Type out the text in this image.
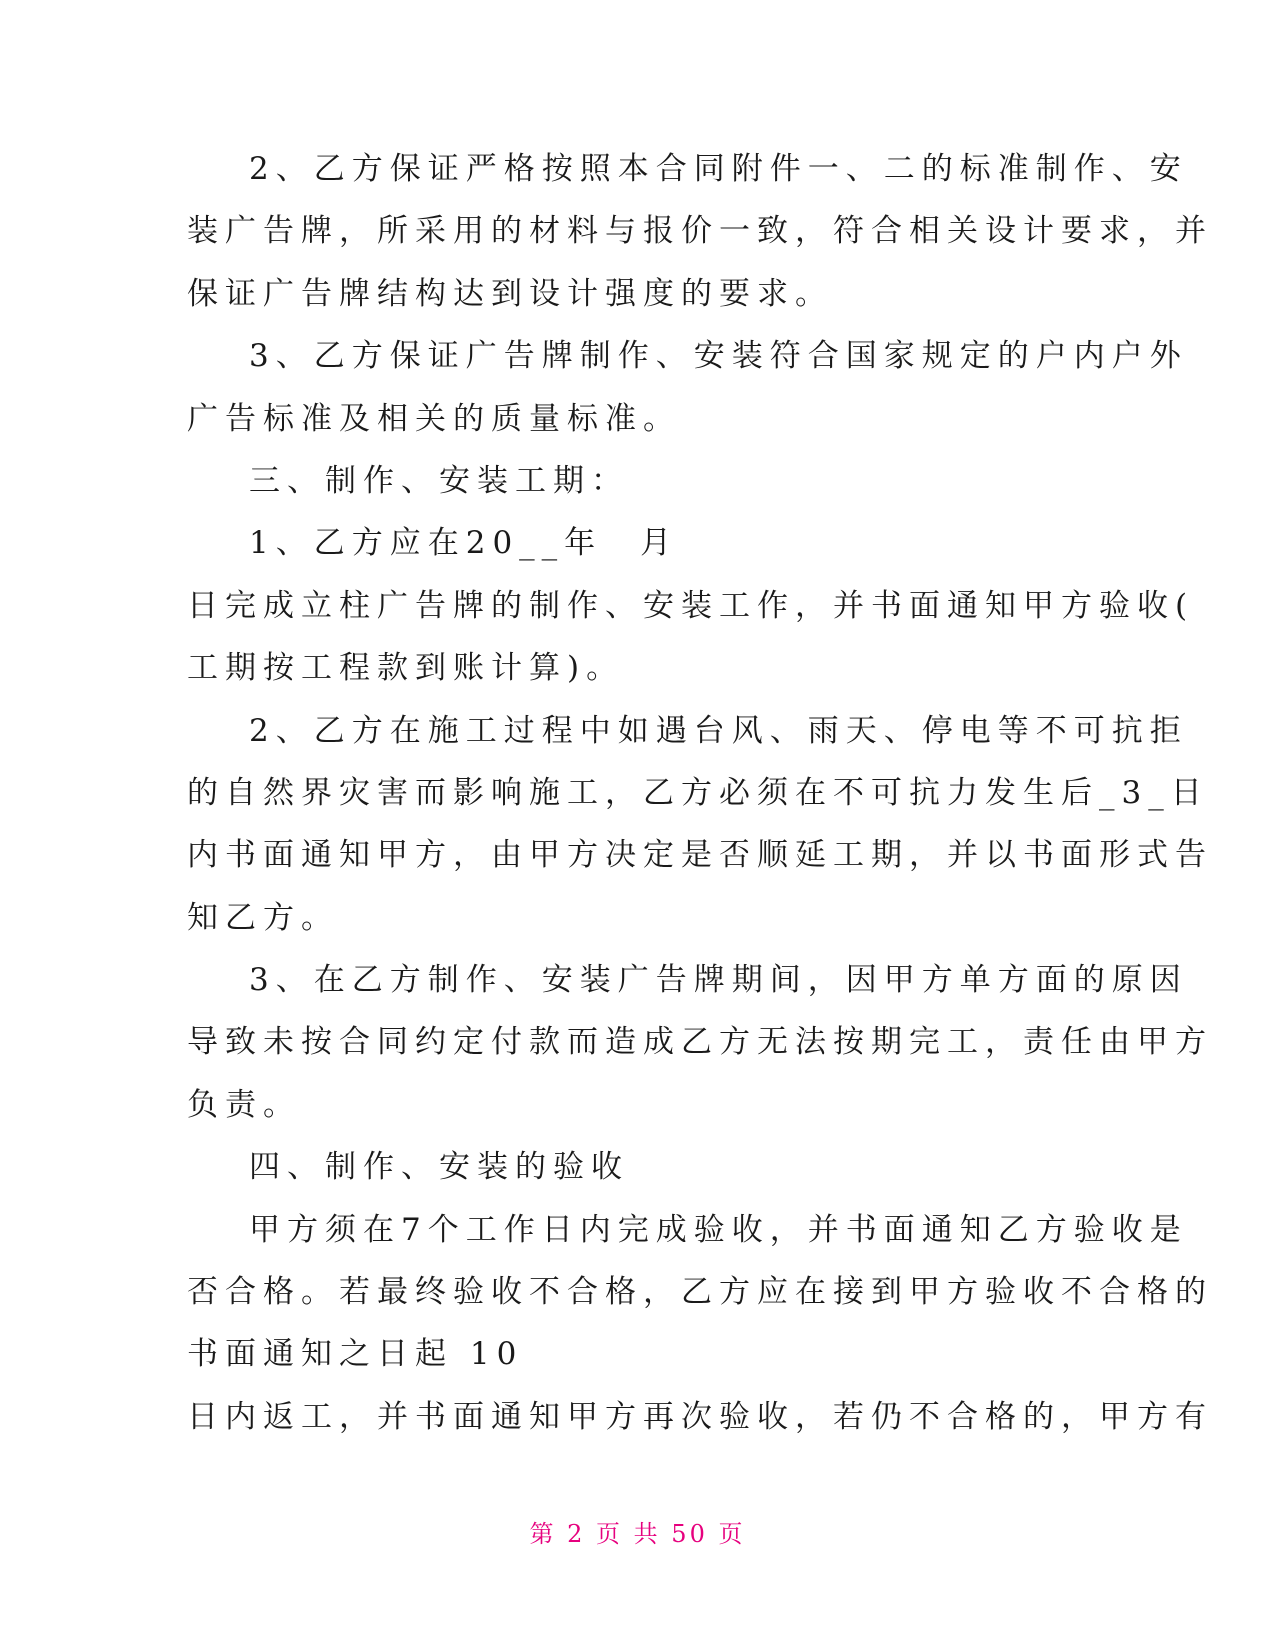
2、乙方保证严格按照本合同附件一、二的标准制作、安
装广告牌，所采用的材料与报价一致，符合相关设计要求，并
保证广告牌结构达到设计强度的要求。
3、乙方保证广告牌制作、安装符合国家规定的户内户外
广告标准及相关的质量标准。
三、制作、安装工期：
1、乙方应在20__年　月
日完成立柱广告牌的制作、安装工作，并书面通知甲方验收(
工期按工程款到账计算)。
2、乙方在施工过程中如遇台风、雨天、停电等不可抗拒
的自然界灾害而影响施工，乙方必须在不可抗力发生后_3_日
内书面通知甲方，由甲方决定是否顺延工期，并以书面形式告
知乙方。
3、在乙方制作、安装广告牌期间，因甲方单方面的原因
导致未按合同约定付款而造成乙方无法按期完工，责任由甲方
负责。
四、制作、安装的验收
甲方须在7个工作日内完成验收，并书面通知乙方验收是
否合格。若最终验收不合格，乙方应在接到甲方验收不合格的
书面通知之日起 10
日内返工，并书面通知甲方再次验收，若仍不合格的，甲方有
第 2 页 共 50 页
